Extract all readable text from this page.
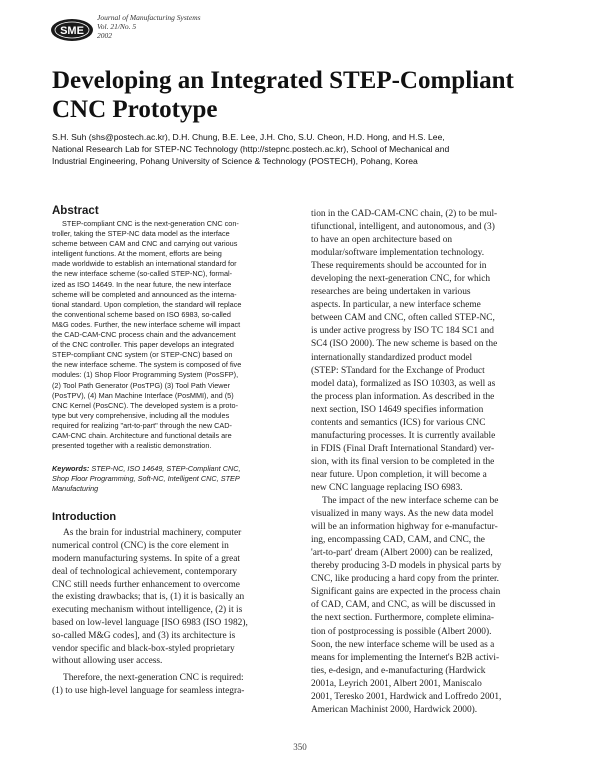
SME
Journal of Manufacturing Systems
Vol. 21/No. 5
2002
Developing an Integrated STEP-Compliant
CNC Prototype
S.H. Suh (shs@postech.ac.kr), D.H. Chung, B.E. Lee, J.H. Cho, S.U. Cheon, H.D. Hong, and H.S. Lee,
National Research Lab for STEP-NC Technology (http://stepnc.postech.ac.kr), School of Mechanical and
Industrial Engineering, Pohang University of Science & Technology (POSTECH), Pohang, Korea
Abstract
STEP-compliant CNC is the next-generation CNC con-
troller, taking the STEP-NC data model as the interface
scheme between CAM and CNC and carrying out various
intelligent functions. At the moment, efforts are being
made worldwide to establish an international standard for
the new interface scheme (so-called STEP-NC), formal-
ized as ISO 14649. In the near future, the new interface
scheme will be completed and announced as the interna-
tional standard. Upon completion, the standard will replace
the conventional scheme based on ISO 6983, so-called
M&G codes. Further, the new interface scheme will impact
the CAD-CAM-CNC process chain and the advancement
of the CNC controller. This paper develops an integrated
STEP-compliant CNC system (or STEP-CNC) based on
the new interface scheme. The system is composed of five
modules: (1) Shop Floor Programming System (PosSFP),
(2) Tool Path Generator (PosTPG) (3) Tool Path Viewer
(PosTPV), (4) Man Machine Interface (PosMMI), and (5)
CNC Kernel (PosCNC). The developed system is a proto-
type but very comprehensive, including all the modules
required for realizing "art-to-part" through the new CAD-
CAM-CNC chain. Architecture and functional details are
presented together with a realistic demonstration.
Keywords: STEP-NC, ISO 14649, STEP-Compliant CNC,
Shop Floor Programming, Soft-NC, Intelligent CNC, STEP
Manufacturing
Introduction
As the brain for industrial machinery, computer
numerical control (CNC) is the core element in
modern manufacturing systems. In spite of a great
deal of technological achievement, contemporary
CNC still needs further enhancement to overcome
the existing drawbacks; that is, (1) it is basically an
executing mechanism without intelligence, (2) it is
based on low-level language [ISO 6983 (ISO 1982),
so-called M&G codes], and (3) its architecture is
vendor specific and black-box-styled proprietary
without allowing user access.
Therefore, the next-generation CNC is required:
(1) to use high-level language for seamless integra-
tion in the CAD-CAM-CNC chain, (2) to be mul-
tifunctional, intelligent, and autonomous, and (3)
to have an open architecture based on
modular/software implementation technology.
These requirements should be accounted for in
developing the next-generation CNC, for which
researches are being undertaken in various
aspects. In particular, a new interface scheme
between CAM and CNC, often called STEP-NC,
is under active progress by ISO TC 184 SC1 and
SC4 (ISO 2000). The new scheme is based on the
internationally standardized product model
(STEP: STandard for the Exchange of Product
model data), formalized as ISO 10303, as well as
the process plan information. As described in the
next section, ISO 14649 specifies information
contents and semantics (ICS) for various CNC
manufacturing processes. It is currently available
in FDIS (Final Draft International Standard) ver-
sion, with its final version to be completed in the
near future. Upon completion, it will become a
new CNC language replacing ISO 6983.
The impact of the new interface scheme can be
visualized in many ways. As the new data model
will be an information highway for e-manufactur-
ing, encompassing CAD, CAM, and CNC, the
'art-to-part' dream (Albert 2000) can be realized,
thereby producing 3-D models in physical parts by
CNC, like producing a hard copy from the printer.
Significant gains are expected in the process chain
of CAD, CAM, and CNC, as will be discussed in
the next section. Furthermore, complete elimina-
tion of postprocessing is possible (Albert 2000).
Soon, the new interface scheme will be used as a
means for implementing the Internet's B2B activi-
ties, e-design, and e-manufacturing (Hardwick
2001a, Leyrich 2001, Albert 2001, Maniscalo
2001, Teresko 2001, Hardwick and Loffredo 2001,
American Machinist 2000, Hardwick 2000).
350
